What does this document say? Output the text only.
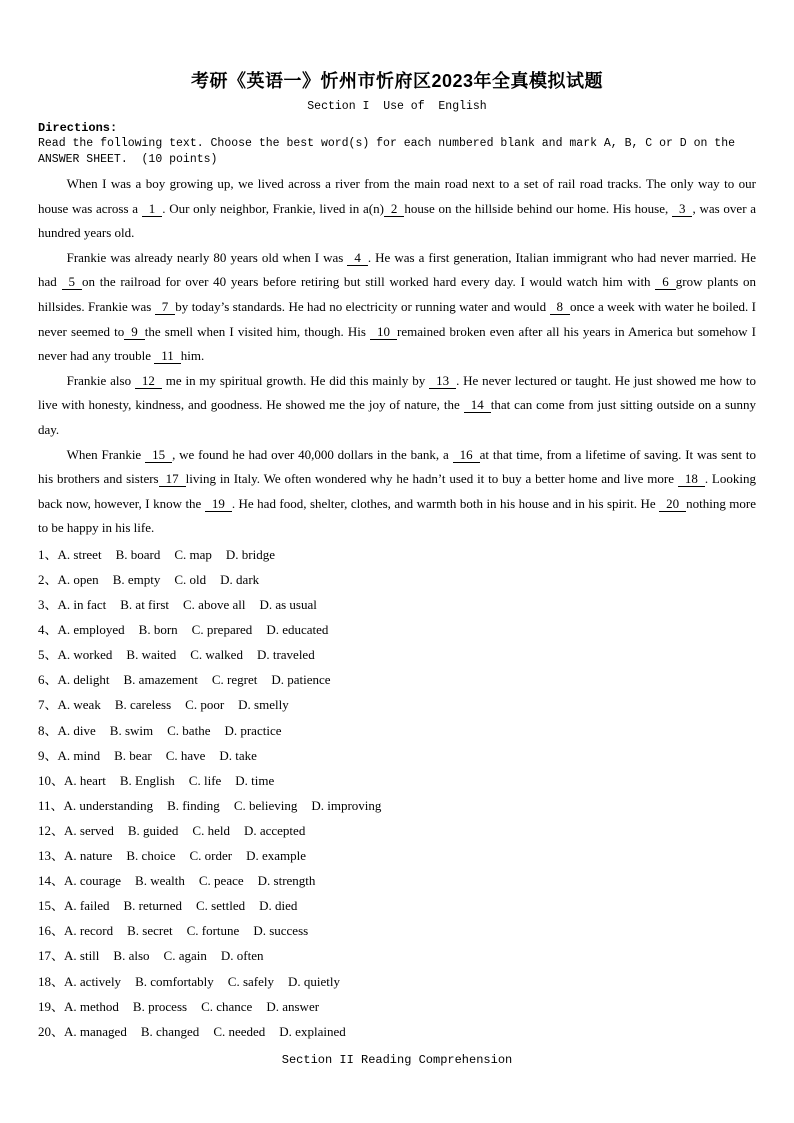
考研《英语一》忻州市忻府区2023年全真模拟试题
Section I  Use of  English
Directions:
Read the following text. Choose the best word(s) for each numbered blank and mark A, B, C or D on the ANSWER SHEET.  (10 points)

When I was a boy growing up, we lived across a river from the main road next to a set of rail road tracks. The only way to our house was across a 1 . Our only neighbor, Frankie, lived in a(n) 2 house on the hillside behind our home. His house, 3 , was over a hundred years old.

Frankie was already nearly 80 years old when I was 4 . He was a first generation, Italian immigrant who had never married. He had 5 on the railroad for over 40 years before retiring but still worked hard every day. I would watch him with 6 grow plants on hillsides. Frankie was 7 by today’s standards. He had no electricity or running water and would 8 once a week with water he boiled. I never seemed to 9 the smell when I visited him, though. His 10 remained broken even after all his years in America but somehow I never had any trouble 11 him.

Frankie also 12 me in my spiritual growth. He did this mainly by 13 . He never lectured or taught. He just showed me how to live with honesty, kindness, and goodness. He showed me the joy of nature, the 14 that can come from just sitting outside on a sunny day.

When Frankie 15 , we found he had over 40,000 dollars in the bank, a 16 at that time, from a lifetime of saving. It was sent to his brothers and sisters 17 living in Italy. We often wondered why he hadn’t used it to buy a better home and live more 18 . Looking back now, however, I know the 19 . He had food, shelter, clothes, and warmth both in his house and in his spirit. He 20 nothing more to be happy in his life.

1、A. street B. board C. map D. bridge
2、A. open B. empty C. old D. dark
3、A. in fact B. at first C. above all D. as usual
4、A. employed B. born C. prepared D. educated
5、A. worked B. waited C. walked D. traveled
6、A. delight B. amazement C. regret D. patience
7、A. weak B. careless C. poor D. smelly
8、A. dive B. swim C. bathe D. practice
9、A. mind B. bear C. have D. take
10、A. heart B. English C. life D. time
11、A. understanding B. finding C. believing D. improving
12、A. served B. guided C. held D. accepted
13、A. nature B. choice C. order D. example
14、A. courage B. wealth C. peace D. strength
15、A. failed B. returned C. settled D. died
16、A. record B. secret C. fortune D. success
17、A. still B. also C. again D. often
18、A. actively B. comfortably C. safely D. quietly
19、A. method B. process C. chance D. answer
20、A. managed B. changed C. needed D. explained
Section II Reading Comprehension
